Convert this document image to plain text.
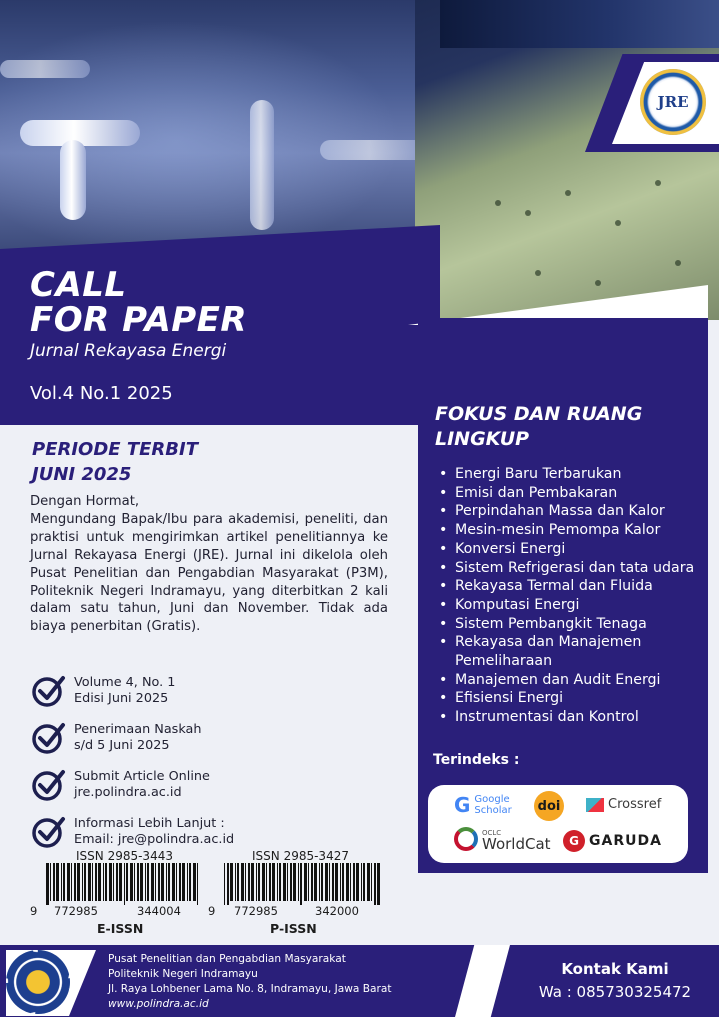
JRE
CALL
FOR PAPER
Jurnal Rekayasa Energi
Vol.4 No.1 2025
FOKUS DAN RUANG LINGKUP
• Energi Baru Terbarukan
• Emisi dan Pembakaran
• Perpindahan Massa dan Kalor
• Mesin-mesin Pemompa Kalor
• Konversi Energi
• Sistem Refrigerasi dan tata udara
• Rekayasa Termal dan Fluida
• Komputasi Energi
• Sistem Pembangkit Tenaga
• Rekayasa dan Manajemen Pemeliharaan
• Manajemen dan Audit Energi
• Efisiensi Energi
• Instrumentasi dan Kontrol
Terindeks :
G Google
Scholar doi	Crossref
OCLC
WorldCat	G GARUDA
PERIODE TERBIT
JUNI 2025
Dengan Hormat,
Mengundang Bapak/Ibu para akademisi, peneliti, dan praktisi untuk mengirimkan artikel penelitiannya ke Jurnal Rekayasa Energi (JRE). Jurnal ini dikelola oleh Pusat Penelitian dan Pengabdian Masyarakat (P3M), Politeknik Negeri Indramayu, yang diterbitkan 2 kali dalam satu tahun, Juni dan November. Tidak ada biaya penerbitan (Gratis).
Volume 4, No. 1
Edisi Juni 2025
Penerimaan Naskah
s/d 5 Juni 2025
Submit Article Online
jre.polindra.ac.id
Informasi Lebih Lanjut :
Email: jre@polindra.ac.id
ISSN 2985-3443
9 772985	344004
E-ISSN
ISSN 2985-3427
9 772985	342000
P-ISSN
Pusat Penelitian dan Pengabdian Masyarakat
Politeknik Negeri Indramayu
Jl. Raya Lohbener Lama No. 8, Indramayu, Jawa Barat
www.polindra.ac.id
Kontak Kami
Wa : 085730325472
